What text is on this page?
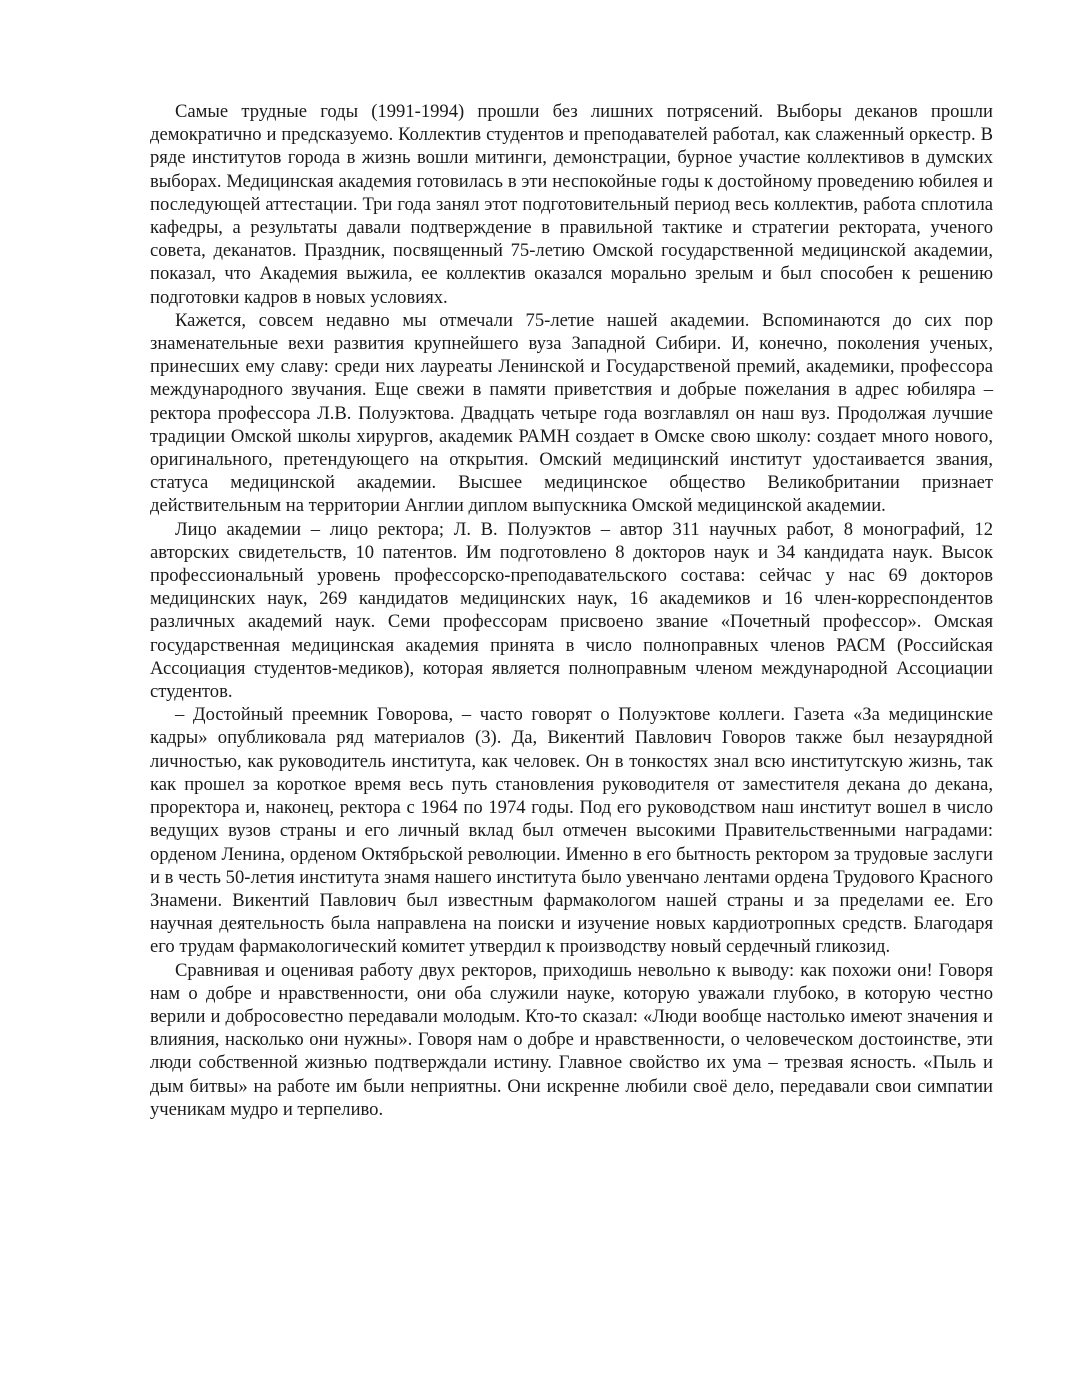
Самые трудные годы (1991-1994) прошли без лишних потрясений. Выборы деканов прошли демократично и предсказуемо. Коллектив студентов и преподавателей работал, как слаженный оркестр. В ряде институтов города в жизнь вошли митинги, демонстрации, бурное участие коллективов в думских выборах. Медицинская академия готовилась в эти неспокойные годы к достойному проведению юбилея и последующей аттестации. Три года занял этот подготовительный период весь коллектив, работа сплотила кафедры, а результаты давали подтверждение в правильной тактике и стратегии ректората, ученого совета, деканатов. Праздник, посвященный 75-летию Омской государственной медицинской академии, показал, что Академия выжила, ее коллектив оказался морально зрелым и был способен к решению подготовки кадров в новых условиях.

Кажется, совсем недавно мы отмечали 75-летие нашей академии. Вспоминаются до сих пор знаменательные вехи развития крупнейшего вуза Западной Сибири. И, конечно, поколения ученых, принесших ему славу: среди них лауреаты Ленинской и Государственой премий, академики, профессора международного звучания. Еще свежи в памяти приветствия и добрые пожелания в адрес юбиляра – ректора профессора Л.В. Полуэктова. Двадцать четыре года возглавлял он наш вуз. Продолжая лучшие традиции Омской школы хирургов, академик РАМН создает в Омске свою школу: создает много нового, оригинального, претендующего на открытия. Омский медицинский институт удостаивается звания, статуса медицинской академии. Высшее медицинское общество Великобритании признает действительным на территории Англии диплом выпускника Омской медицинской академии.

Лицо академии – лицо ректора; Л. В. Полуэктов – автор 311 научных работ, 8 монографий, 12 авторских свидетельств, 10 патентов. Им подготовлено 8 докторов наук и 34 кандидата наук. Высок профессиональный уровень профессорско-преподавательского состава: сейчас у нас 69 докторов медицинских наук, 269 кандидатов медицинских наук, 16 академиков и 16 член-корреспондентов различных академий наук. Семи профессорам присвоено звание «Почетный профессор». Омская государственная медицинская академия принята в число полноправных членов РАСМ (Российская Ассоциация студентов-медиков), которая является полноправным членом международной Ассоциации студентов.

– Достойный преемник Говорова, – часто говорят о Полуэктове коллеги. Газета «За медицинские кадры» опубликовала ряд материалов (3). Да, Викентий Павлович Говоров также был незаурядной личностью, как руководитель института, как человек. Он в тонкостях знал всю институтскую жизнь, так как прошел за короткое время весь путь становления руководителя от заместителя декана до декана, проректора и, наконец, ректора с 1964 по 1974 годы. Под его руководством наш институт вошел в число ведущих вузов страны и его личный вклад был отмечен высокими Правительственными наградами: орденом Ленина, орденом Октябрьской революции. Именно в его бытность ректором за трудовые заслуги и в честь 50-летия института знамя нашего института было увенчано лентами ордена Трудового Красного Знамени. Викентий Павлович был известным фармакологом нашей страны и за пределами ее. Его научная деятельность была направлена на поиски и изучение новых кардиотропных средств. Благодаря его трудам фармакологический комитет утвердил к производству новый сердечный гликозид.

Сравнивая и оценивая работу двух ректоров, приходишь невольно к выводу: как похожи они! Говоря нам о добре и нравственности, они оба служили науке, которую уважали глубоко, в которую честно верили и добросовестно передавали молодым. Кто-то сказал: «Люди вообще настолько имеют значения и влияния, насколько они нужны». Говоря нам о добре и нравственности, о человеческом достоинстве, эти люди собственной жизнью подтверждали истину. Главное свойство их ума – трезвая ясность. «Пыль и дым битвы» на работе им были неприятны. Они искренне любили своё дело, передавали свои симпатии ученикам мудро и терпеливо.
